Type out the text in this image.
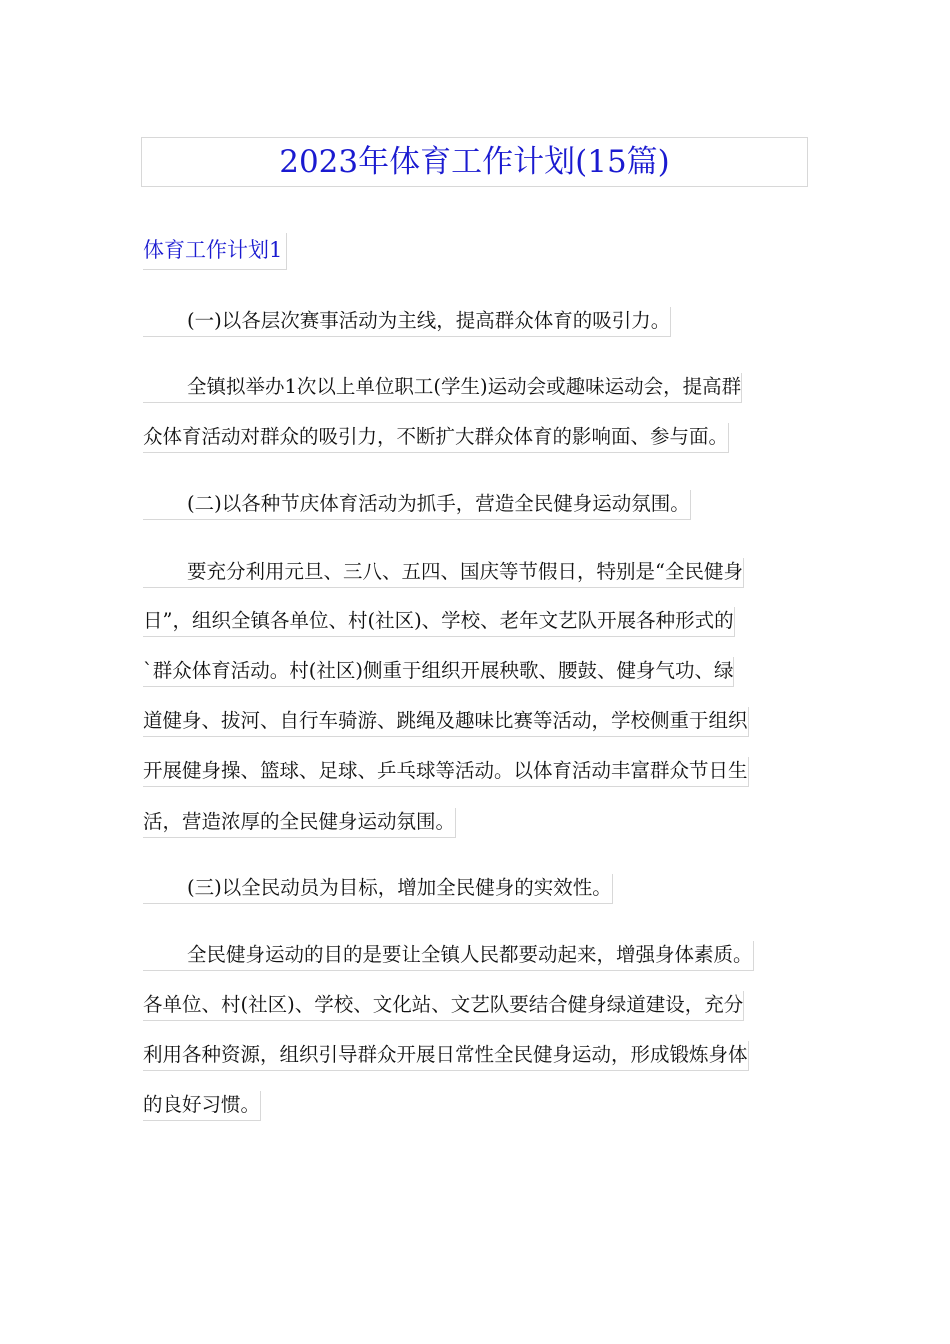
2023年体育工作计划(15篇)
体育工作计划1
(一)以各层次赛事活动为主线，提高群众体育的吸引力。
全镇拟举办1次以上单位职工(学生)运动会或趣味运动会，提高群
众体育活动对群众的吸引力，不断扩大群众体育的影响面、参与面。
(二)以各种节庆体育活动为抓手，营造全民健身运动氛围。
要充分利用元旦、三八、五四、国庆等节假日，特别是“全民健身
日”，组织全镇各单位、村(社区)、学校、老年文艺队开展各种形式的
`群众体育活动。村(社区)侧重于组织开展秧歌、腰鼓、健身气功、绿
道健身、拔河、自行车骑游、跳绳及趣味比赛等活动，学校侧重于组织
开展健身操、篮球、足球、乒乓球等活动。以体育活动丰富群众节日生
活，营造浓厚的全民健身运动氛围。
(三)以全民动员为目标，增加全民健身的实效性。
全民健身运动的目的是要让全镇人民都要动起来，增强身体素质。
各单位、村(社区)、学校、文化站、文艺队要结合健身绿道建设，充分
利用各种资源，组织引导群众开展日常性全民健身运动，形成锻炼身体
的良好习惯。
